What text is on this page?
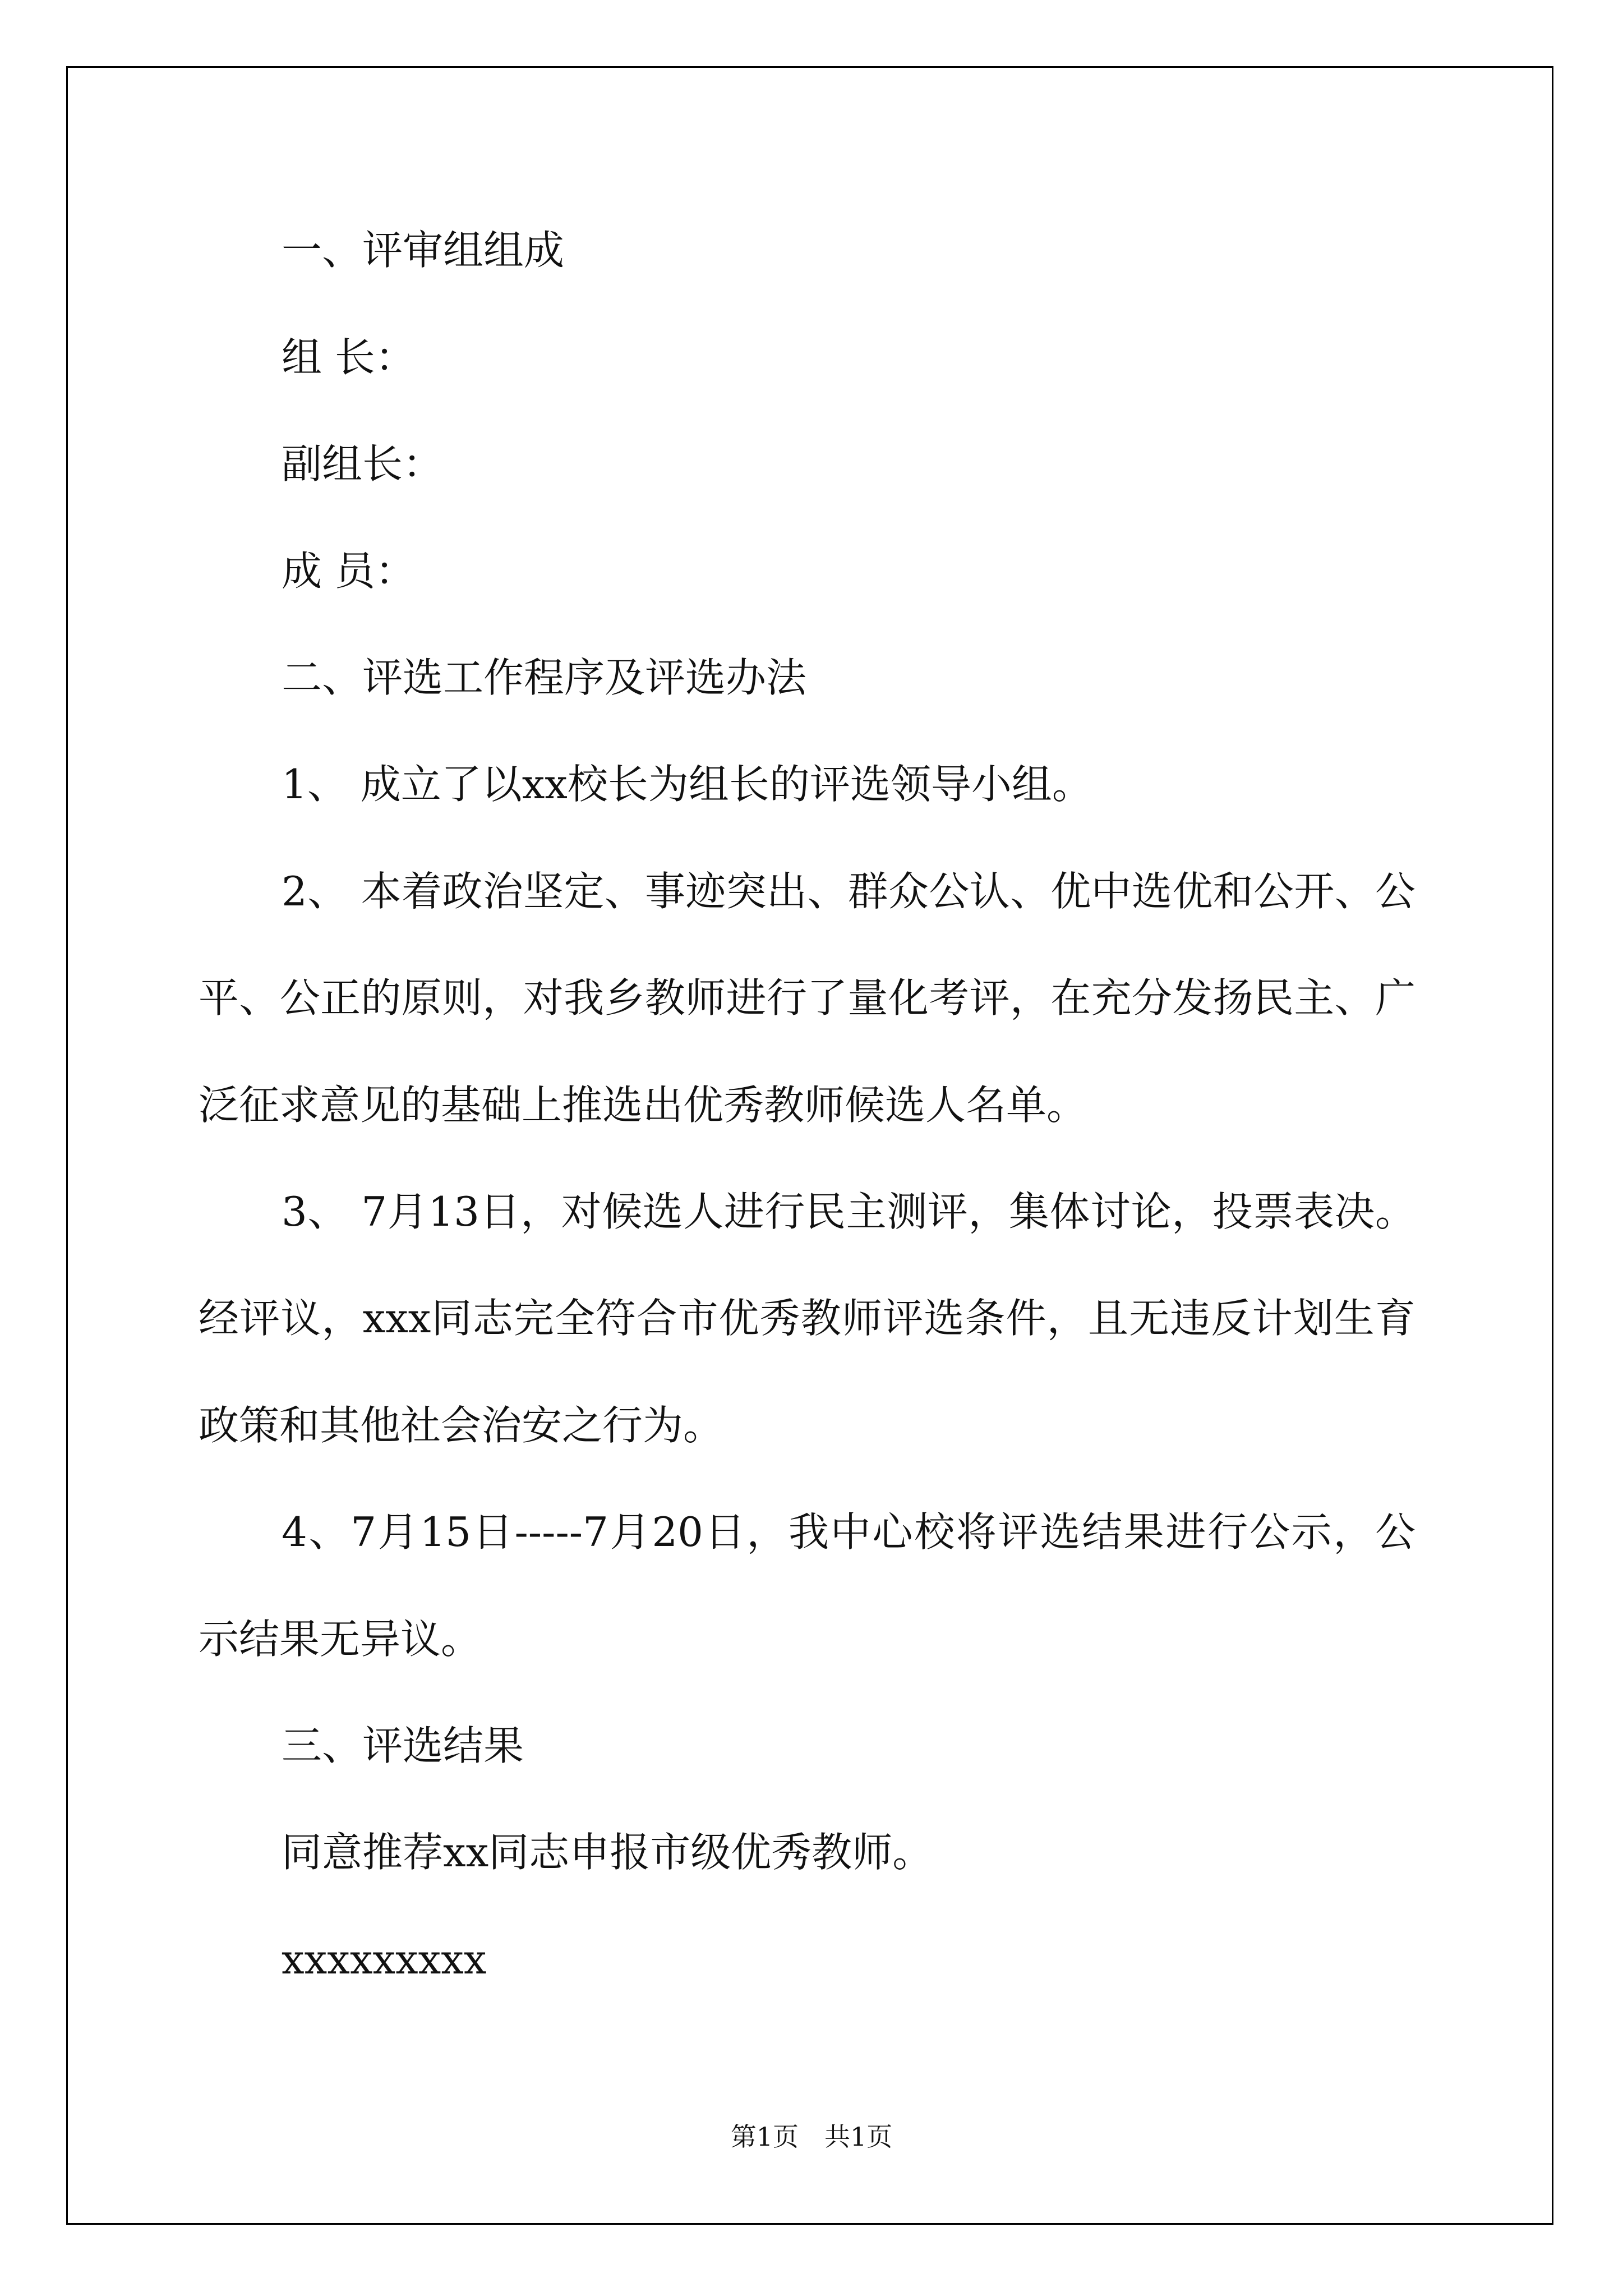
一、评审组组成

组 长：

副组长：

成 员：

二、评选工作程序及评选办法

1、 成立了以xx校长为组长的评选领导小组。

2、 本着政治坚定、事迹突出、群众公认、优中选优和公开、公

平、公正的原则，对我乡教师进行了量化考评，在充分发扬民主、广

泛征求意见的基础上推选出优秀教师候选人名单。

3、 7月13日，对候选人进行民主测评，集体讨论，投票表决。

经评议，xxx同志完全符合市优秀教师评选条件，且无违反计划生育

政策和其他社会治安之行为。

4、7月15日-----7月20日，我中心校将评选结果进行公示，公

示结果无异议。

三、评选结果

同意推荐xx同志申报市级优秀教师。

xxxxxxxxx

第1页 共1页
